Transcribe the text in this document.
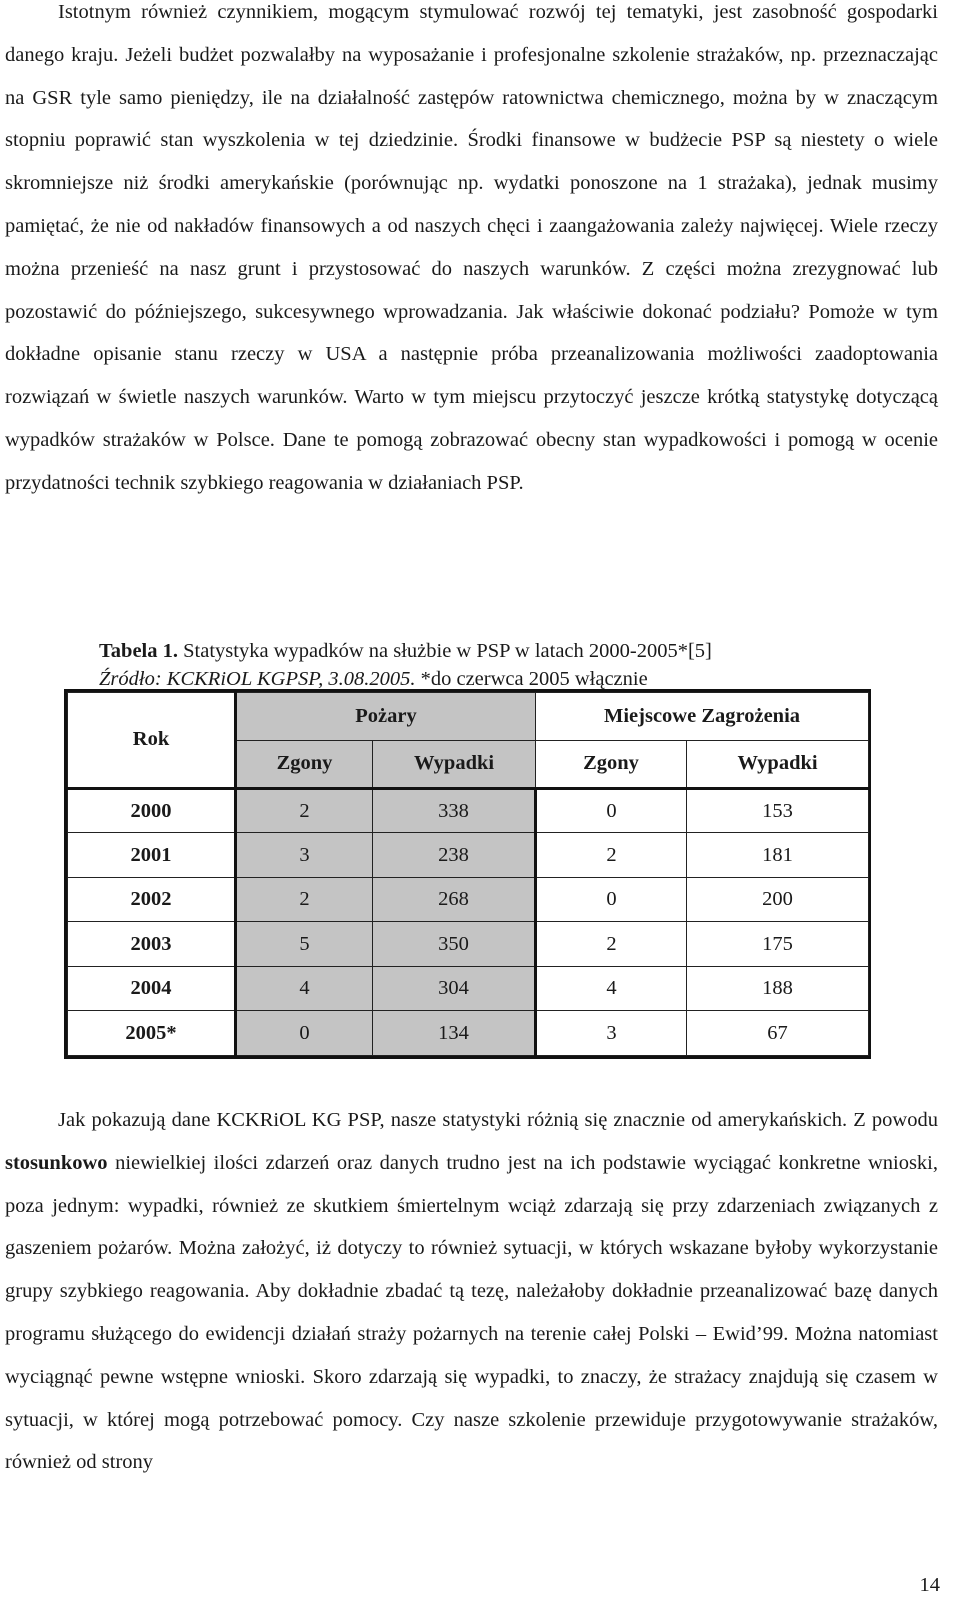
Istotnym również czynnikiem, mogącym stymulować rozwój tej tematyki, jest zasobność gospodarki danego kraju. Jeżeli budżet pozwalałby na wyposażanie i profesjonalne szkolenie strażaków, np. przeznaczając na GSR tyle samo pieniędzy, ile na działalność zastępów ratownictwa chemicznego, można by w znaczącym stopniu poprawić stan wyszkolenia w tej dziedzinie. Środki finansowe w budżecie PSP są niestety o wiele skromniejsze niż środki amerykańskie (porównując np. wydatki ponoszone na 1 strażaka), jednak musimy pamiętać, że nie od nakładów finansowych a od naszych chęci i zaangażowania zależy najwięcej. Wiele rzeczy można przenieść na nasz grunt i przystosować do naszych warunków. Z części można zrezygnować lub pozostawić do późniejszego, sukcesywnego wprowadzania. Jak właściwie dokonać podziału? Pomoże w tym dokładne opisanie stanu rzeczy w USA a następnie próba przeanalizowania możliwości zaadoptowania rozwiązań w świetle naszych warunków. Warto w tym miejscu przytoczyć jeszcze krótką statystykę dotyczącą wypadków strażaków w Polsce. Dane te pomogą zobrazować obecny stan wypadkowości i pomogą w ocenie przydatności technik szybkiego reagowania w działaniach PSP.

Tabela 1. Statystyka wypadków na służbie w PSP w latach 2000-2005*[5]
Źródło: KCKRiOL KGPSP, 3.08.2005. *do czerwca 2005 włącznie

Rok	Pożary		Miejscowe Zagrożenia	
	Zgony	Wypadki	Zgony	Wypadki
2000	2	338	0	153
2001	3	238	2	181
2002	2	268	0	200
2003	5	350	2	175
2004	4	304	4	188
2005*	0	134	3	67

Jak pokazują dane KCKRiOL KG PSP, nasze statystyki różnią się znacznie od amerykańskich. Z powodu stosunkowo niewielkiej ilości zdarzeń oraz danych trudno jest na ich podstawie wyciągać konkretne wnioski, poza jednym: wypadki, również ze skutkiem śmiertelnym wciąż zdarzają się przy zdarzeniach związanych z gaszeniem pożarów. Można założyć, iż dotyczy to również sytuacji, w których wskazane byłoby wykorzystanie grupy szybkiego reagowania. Aby dokładnie zbadać tą tezę, należałoby dokładnie przeanalizować bazę danych programu służącego do ewidencji działań straży pożarnych na terenie całej Polski – Ewid’99. Można natomiast wyciągnąć pewne wstępne wnioski. Skoro zdarzają się wypadki, to znaczy, że strażacy znajdują się czasem w sytuacji, w której mogą potrzebować pomocy. Czy nasze szkolenie przewiduje przygotowywanie strażaków, również od strony

14
